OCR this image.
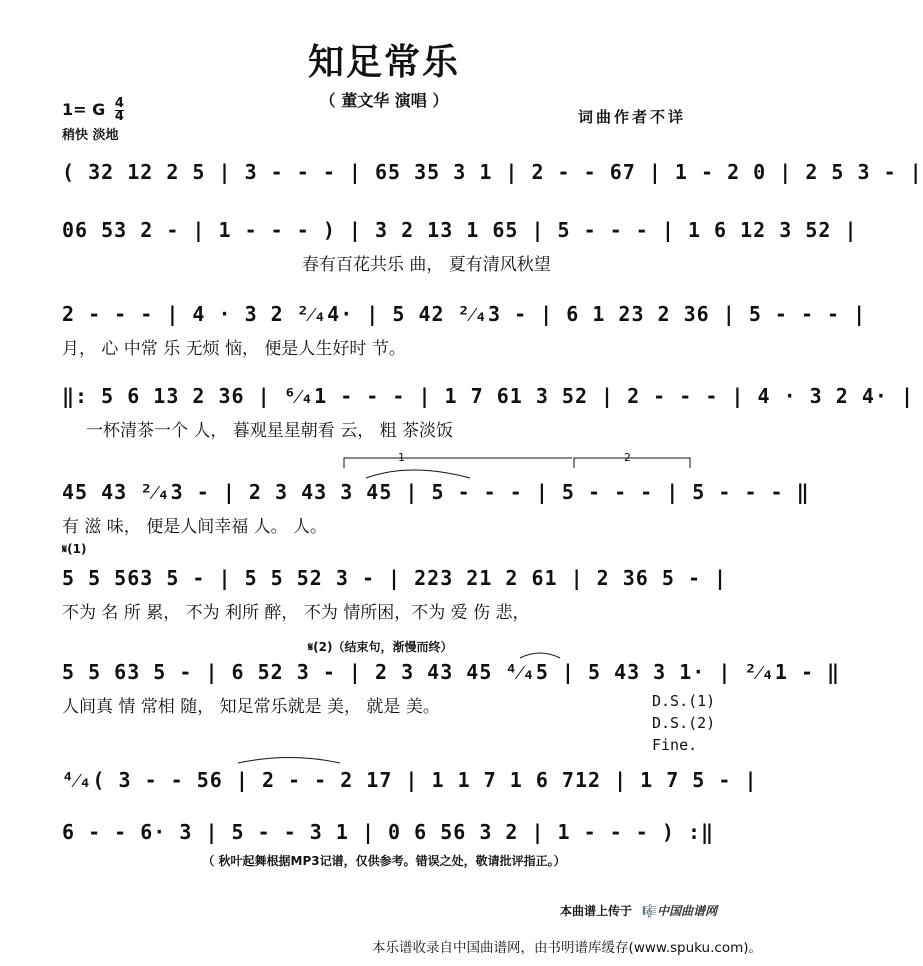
知足常乐
（ 董文华 演唱 ）
1= G $\frac{4}{4}$
稍快 淡地
词曲作者不详
( 32 12 2 5 | 3 - - - | 65 35 3 1 | 2 - - 67 | 1 - 2 0 | 2 5 3 - |
06 53 2 - | 1 - - - ) | 3 2 13 1 65 | 5 - - - | 1 6 12 3 52 |
春有百花共乐 曲， 夏有清风秋望
2 - - - | 4 · 3 2 ²⁄₄4· | 5 42 ²⁄₄3 - | 6 1 23 2 36 | 5 - - - |
月， 心 中常 乐 无烦 恼， 便是人生好时 节。
‖: 5 6 13 2 36 | ⁶⁄₄1 - - - | 1 7 61 3 52 | 2 - - - | 4 · 3 2 4· |
一杯清茶一个 人， 暮观星星朝看 云， 粗 茶淡饭
1	2
45 43 ²⁄₄3 - | 2 3 43 3 45 | 5 - - - | 5 - - - | 5 - - - ‖
有 滋 味， 便是人间幸福 人。 人。
𝄋(1)
5 5 563 5 - | 5 5 52 3 - | 223 21 2 61 | 2 36 5 - |
不为 名 所 累， 不为 利所 醉， 不为 情所困，不为 爱 伤 悲，
𝄋(2)（结束句，渐慢而终）
5 5 63 5 - | 6 52 3 - | 2 3 43 45 ⁴⁄₄5 | 5 43 3 1· | ²⁄₄1 - ‖
人间真 情 常相 随， 知足常乐就是 美， 就是 美。	D.S.(1)
D.S.(2)
Fine.
⁴⁄₄( 3 - - 56 | 2 - - 2 17 | 1 1 7 1 6 712 | 1 7 5 - |
6 - - 6· 3 | 5 - - 3 1 | 0 6 56 3 2 | 1 - - - ) :‖
（ 秋叶起舞根据MP3记谱，仅供参考。错误之处，敬请批评指正。）
本曲谱上传于 🎼中国曲谱网
本乐谱收录自中国曲谱网，由书明谱库缓存(www.spuku.com)。
